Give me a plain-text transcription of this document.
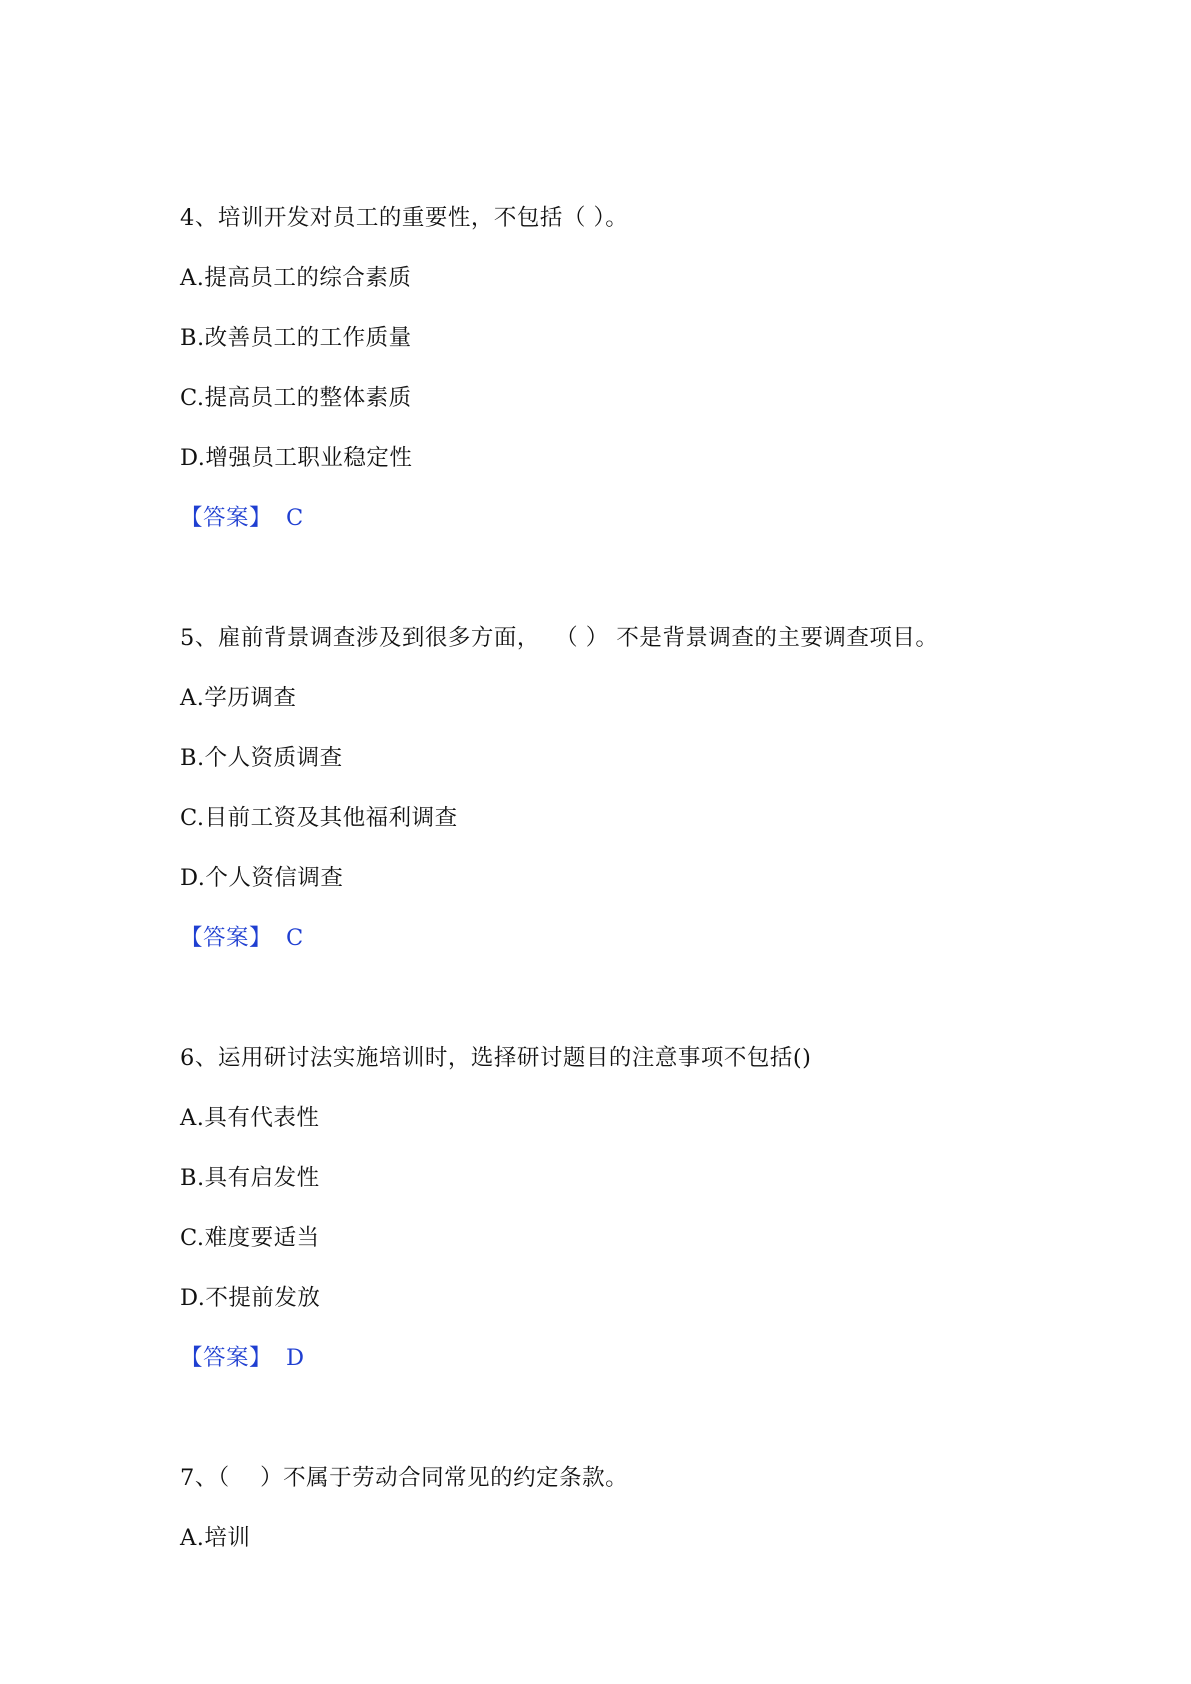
4、培训开发对员工的重要性，不包括（ ）。
A.提高员工的综合素质
B.改善员工的工作质量
C.提高员工的整体素质
D.增强员工职业稳定性
【答案】 C
5、雇前背景调查涉及到很多方面，  （ ） 不是背景调查的主要调查项目。
A.学历调查
B.个人资质调查
C.目前工资及其他福利调查
D.个人资信调查
【答案】 C
6、运用研讨法实施培训时，选择研讨题目的注意事项不包括()
A.具有代表性
B.具有启发性
C.难度要适当
D.不提前发放
【答案】 D
7、（    ）不属于劳动合同常见的约定条款。
A.培训
